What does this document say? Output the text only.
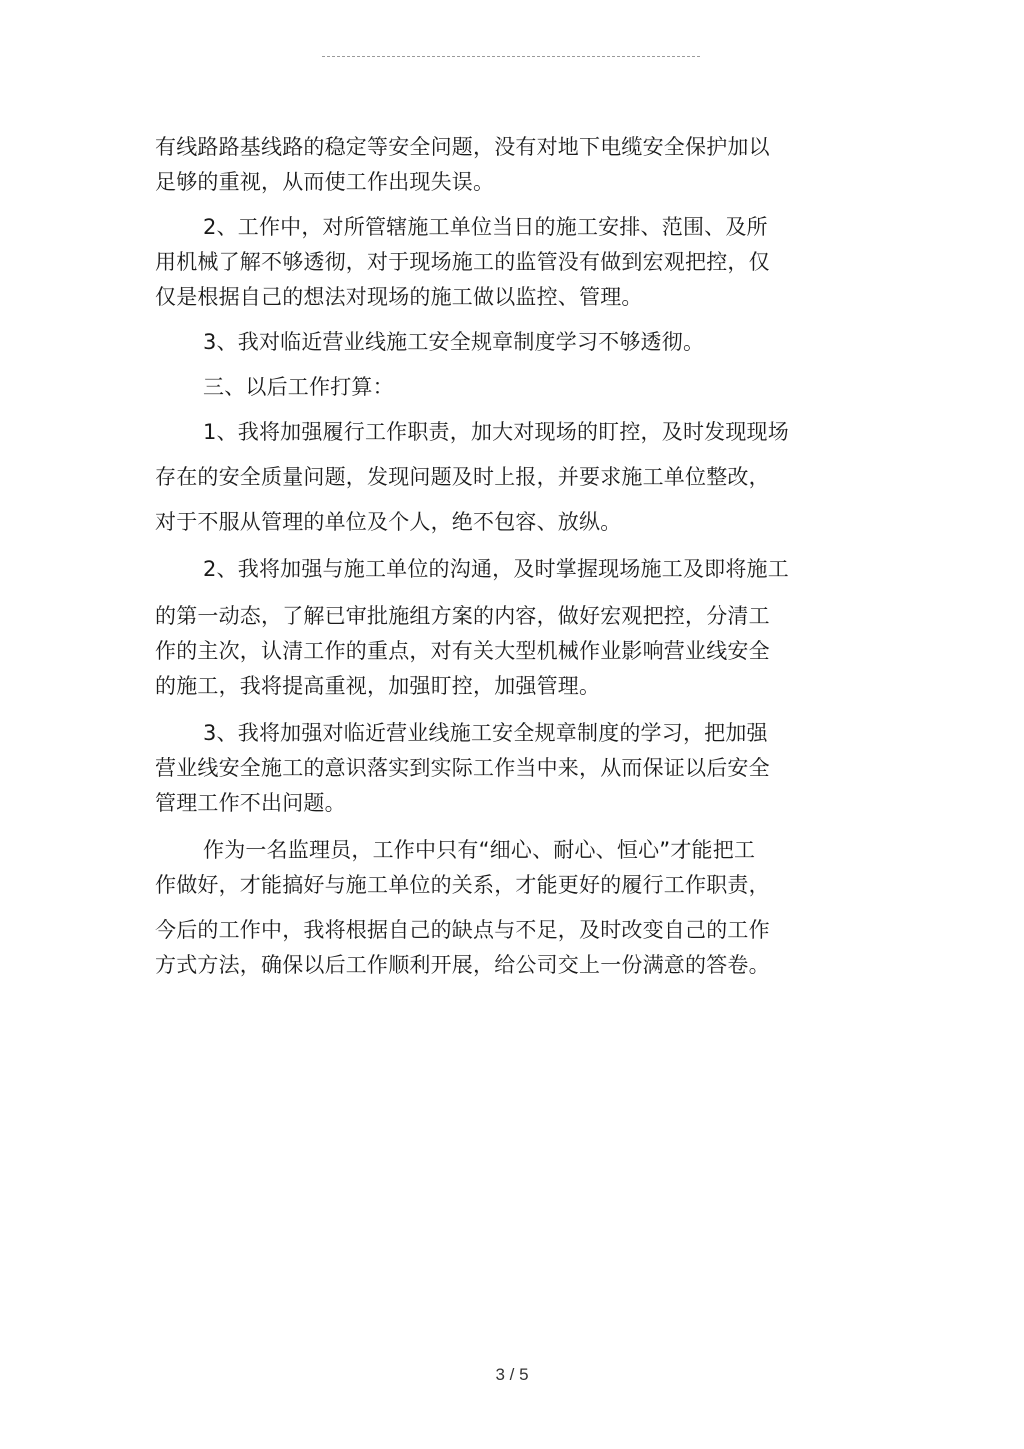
有线路路基线路的稳定等安全问题，没有对地下电缆安全保护加以
足够的重视，从而使工作出现失误。
2、工作中，对所管辖施工单位当日的施工安排、范围、及所
用机械了解不够透彻，对于现场施工的监管没有做到宏观把控，仅
仅是根据自己的想法对现场的施工做以监控、管理。
3、我对临近营业线施工安全规章制度学习不够透彻。
三、以后工作打算：
1、我将加强履行工作职责，加大对现场的盯控，及时发现现场
存在的安全质量问题，发现问题及时上报，并要求施工单位整改，
对于不服从管理的单位及个人，绝不包容、放纵。
2、我将加强与施工单位的沟通，及时掌握现场施工及即将施工
的第一动态，了解已审批施组方案的内容，做好宏观把控，分清工
作的主次，认清工作的重点，对有关大型机械作业影响营业线安全
的施工，我将提高重视，加强盯控，加强管理。
3、我将加强对临近营业线施工安全规章制度的学习，把加强
营业线安全施工的意识落实到实际工作当中来，从而保证以后安全
管理工作不出问题。
作为一名监理员，工作中只有“细心、耐心、恒心”才能把工
作做好，才能搞好与施工单位的关系，才能更好的履行工作职责，
今后的工作中，我将根据自己的缺点与不足，及时改变自己的工作
方式方法，确保以后工作顺利开展，给公司交上一份满意的答卷。
3 / 5
